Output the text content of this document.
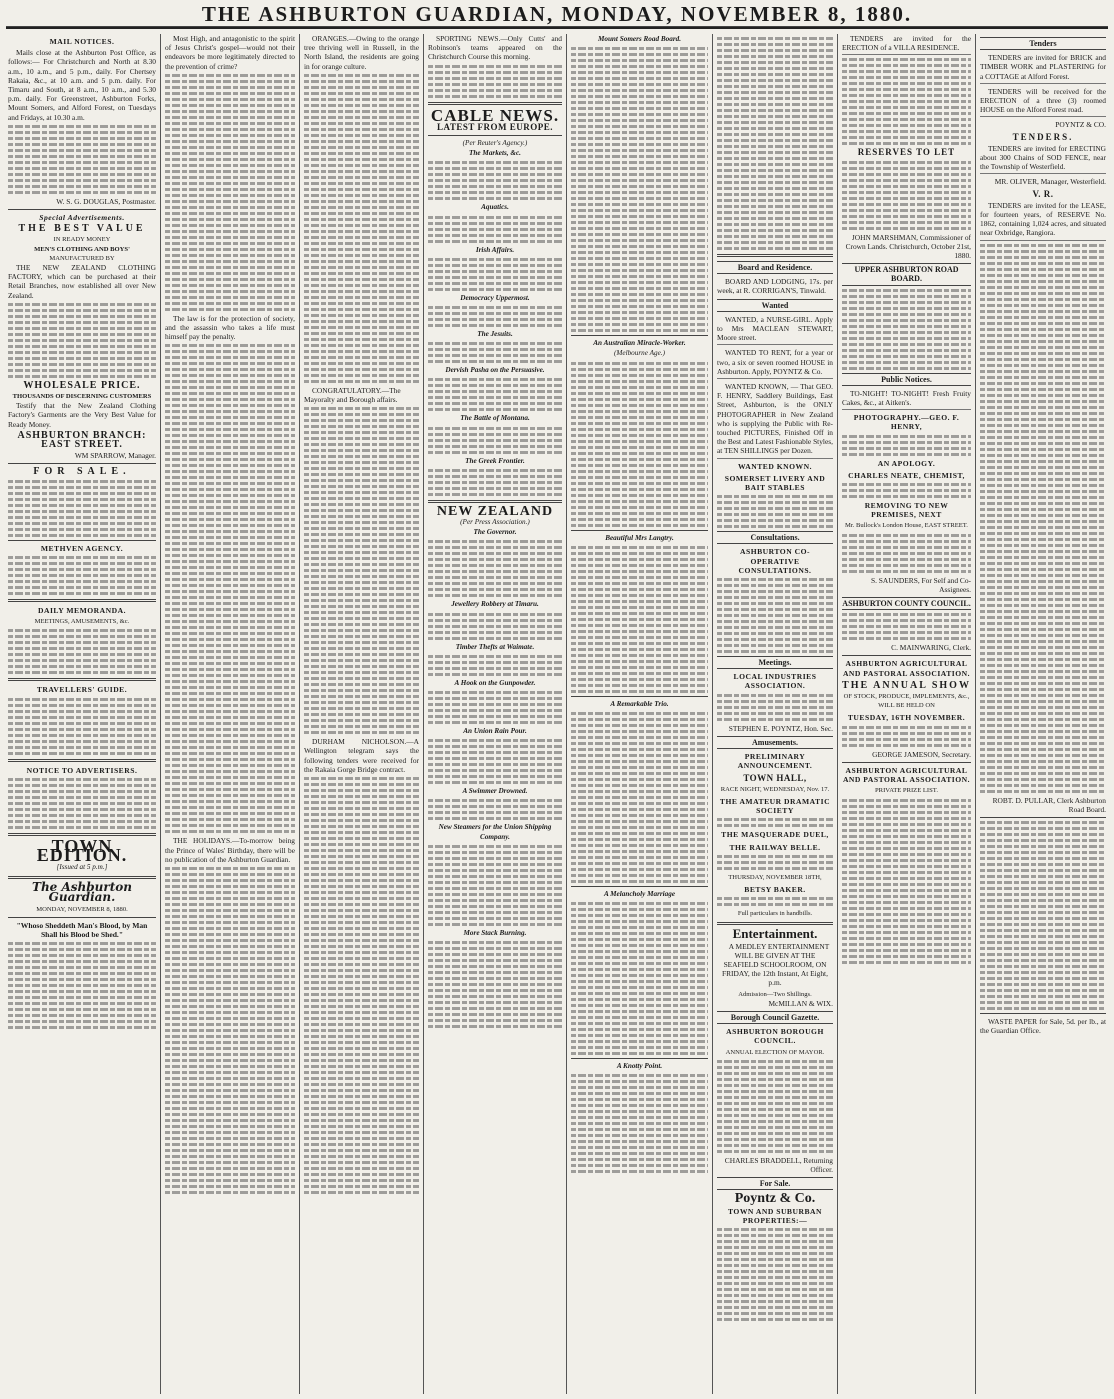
THE ASHBURTON GUARDIAN, MONDAY, NOVEMBER 8, 1880.
MAIL NOTICES.

Mails close at the Ashburton Post Office, as follows:— For Christchurch and North at 8.30 a.m., 10 a.m., and 5 p.m., daily. For Chertsey Rakaia, &c., at 10 a.m. and 5 p.m. daily. For Timaru and South, at 8 a.m., 10 a.m., and 5.30 p.m. daily. For Greenstreet, Ashburton Forks, Mount Somers, and Alford Forest, on Tuesdays and Fridays, at 10.30 a.m.

W. S. G. DOUGLAS, Postmaster.
Special Advertisements.
THE BEST VALUE
IN READY MONEY
MEN'S CLOTHING AND BOYS'
MANUFACTURED BY

THE NEW ZEALAND CLOTHING FACTORY, which can be purchased at their Retail Branches, now established all over New Zealand.

WHOLESALE PRICE.
THOUSANDS OF DISCERNING CUSTOMERS

Testify that the New Zealand Clothing Factory's Garments are the Very Best Value for Ready Money.

ASHBURTON BRANCH: EAST STREET.
WM SPARROW, Manager.
FOR SALE.
METHVEN AGENCY.
DAILY MEMORANDA.
MEETINGS, AMUSEMENTS, &c.
TRAVELLERS' GUIDE.
NOTICE TO ADVERTISERS.
TOWN EDITION.
[Issued at 5 p.m.]
The Ashburton Guardian.
MONDAY, NOVEMBER 8, 1880.
"Whoso Sheddeth Man's Blood, by Man Shall his Blood be Shed."

Most High, and antagonistic to the spirit of Jesus Christ's gospel—would not their endeavors be more legitimately directed to the prevention of crime?

The law is for the protection of society, and the assassin who takes a life must himself pay the penalty.

THE HOLIDAYS.—To-morrow being the Prince of Wales' Birthday, there will be no publication of the Ashburton Guardian.

ORANGES.—Owing to the orange tree thriving well in Russell, in the North Island, the residents are going in for orange culture.

CONGRATULATORY.—The Mayoralty and Borough affairs.

DURHAM NICHOLSON.—A Wellington telegram says the following tenders were received for the Rakaia Gorge Bridge contract.

SPORTING NEWS.—Only Cutts' and Robinson's teams appeared on the Christchurch Course this morning.

CABLE NEWS.
LATEST FROM EUROPE.
(Per Reuter's Agency.)
The Markets, &c.
Aquatics.
Irish Affairs.
Democracy Uppermost.
The Jesuits.
Dervish Pasha on the Persuasive.
The Battle of Montana.
The Greek Frontier.
NEW ZEALAND
(Per Press Association.)
The Governor.
Jewellery Robbery at Timaru.
Timber Thefts at Waimate.
A Hook on the Gunpowder.
An Union Rain Pour.
A Swimmer Drowned.
New Steamers for the Union Shipping Company.
More Stack Burning.
Mount Somers Road Board.
An Australian Miracle-Worker.
(Melbourne Age.)
Beautiful Mrs Langtry.
A Remarkable Trio.
A Melancholy Marriage
A Knotty Point.
Board and Residence.

BOARD AND LODGING, 17s. per week, at R. CORRIGAN'S, Tinwald.

Wanted

WANTED, a NURSE-GIRL. Apply to Mrs MACLEAN STEWART, Moore street.

WANTED TO RENT, for a year or two, a six or seven roomed HOUSE in Ashburton. Apply, POYNTZ & Co.

WANTED KNOWN, — That GEO. F. HENRY, Saddlery Buildings, East Street, Ashburton, is the ONLY PHOTOGRAPHER in New Zealand who is supplying the Public with Re-touched PICTURES, Finished Off in the Best and Latest Fashionable Styles, at TEN SHILLINGS per Dozen.

WANTED KNOWN.
SOMERSET LIVERY AND BAIT STABLES
Consultations.
ASHBURTON CO-OPERATIVE CONSULTATIONS.
Meetings.
LOCAL INDUSTRIES ASSOCIATION.
STEPHEN E. POYNTZ, Hon. Sec.
Amusements.
PRELIMINARY ANNOUNCEMENT.
TOWN HALL,
RACE NIGHT, WEDNESDAY, Nov. 17.
THE AMATEUR DRAMATIC SOCIETY
THE MASQUERADE DUEL,
THE RAILWAY BELLE.
THURSDAY, NOVEMBER 18TH,
BETSY BAKER.
Full particulars in handbills.
Entertainment.

A MEDLEY ENTERTAINMENT WILL BE GIVEN AT THE SEAFIELD SCHOOLROOM, ON FRIDAY, the 12th Instant, At Eight, p.m.

Admission—Two Shillings.
McMILLAN & WIX.
Borough Council Gazette.
ASHBURTON BOROUGH COUNCIL.
ANNUAL ELECTION OF MAYOR.
CHARLES BRADDELL, Returning Officer.
For Sale.
Poyntz & Co.
TOWN AND SUBURBAN PROPERTIES:—

TENDERS are invited for the ERECTION of a VILLA RESIDENCE.

RESERVES TO LET
JOHN MARSHMAN, Commissioner of Crown Lands. Christchurch, October 21st, 1880.
UPPER ASHBURTON ROAD BOARD.
Public Notices.

TO-NIGHT! TO-NIGHT! Fresh Fruity Cakes, &c., at Aitken's.

PHOTOGRAPHY.—GEO. F. HENRY,
AN APOLOGY.
CHARLES NEATE, CHEMIST,
REMOVING TO NEW PREMISES, NEXT
Mr. Bullock's London House, EAST STREET.
S. SAUNDERS, For Self and Co-Assignees.
ASHBURTON COUNTY COUNCIL.
C. MAINWARING, Clerk.
ASHBURTON AGRICULTURAL AND PASTORAL ASSOCIATION.
THE ANNUAL SHOW
OF STOCK, PRODUCE, IMPLEMENTS, &c.,
WILL BE HELD ON
TUESDAY, 16TH NOVEMBER.
GEORGE JAMESON, Secretary.
ASHBURTON AGRICULTURAL AND PASTORAL ASSOCIATION.
PRIVATE PRIZE LIST.
Tenders

TENDERS are invited for BRICK and TIMBER WORK and PLASTERING for a COTTAGE at Alford Forest.

TENDERS will be received for the ERECTION of a three (3) roomed HOUSE on the Alford Forest road.

POYNTZ & CO.
TENDERS.

TENDERS are invited for ERECTING about 300 Chains of SOD FENCE, near the Township of Westerfield.

MR. OLIVER, Manager, Westerfield.
V. R.

TENDERS are invited for the LEASE, for fourteen years, of RESERVE No. 1862, containing 1,024 acres, and situated near Oxbridge, Rangiora.

ROBT. D. PULLAR, Clerk Ashburton Road Board.

WASTE PAPER for Sale, 5d. per lb., at the Guardian Office.
